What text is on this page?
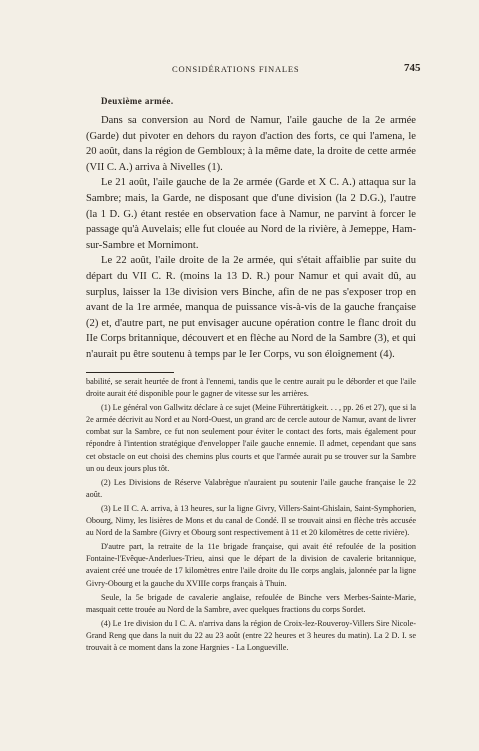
CONSIDÉRATIONS FINALES	745
Deuxième armée.

Dans sa conversion au Nord de Namur, l'aile gauche de la 2e armée (Garde) dut pivoter en dehors du rayon d'action des forts, ce qui l'amena, le 20 août, dans la région de Gembloux; à la même date, la droite de cette armée (VII C. A.) arriva à Nivelles (1).

Le 21 août, l'aile gauche de la 2e armée (Garde et X C. A.) attaqua sur la Sambre; mais, la Garde, ne disposant que d'une division (la 2 D.G.), l'autre (la 1 D. G.) étant restée en observation face à Namur, ne parvint à forcer le passage qu'à Auvelais; elle fut clouée au Nord de la rivière, à Jemeppe, Ham-sur-Sambre et Mornimont.

Le 22 août, l'aile droite de la 2e armée, qui s'était affaiblie par suite du départ du VII C. R. (moins la 13 D. R.) pour Namur et qui avait dû, au surplus, laisser la 13e division vers Binche, afin de ne pas s'exposer trop en avant de la 1re armée, manqua de puissance vis-à-vis de la gauche française (2) et, d'autre part, ne put envisager aucune opération contre le flanc droit du IIe Corps britannique, découvert et en flèche au Nord de la Sambre (3), et qui n'aurait pu être soutenu à temps par le Ier Corps, vu son éloignement (4).

babilité, se serait heurtée de front à l'ennemi, tandis que le centre aurait pu le déborder et que l'aile droite aurait été disponible pour le gagner de vitesse sur les arrières.

(1) Le général von Gallwitz déclare à ce sujet (Meine Führertätigkeit. . . , pp. 26 et 27), que si la 2e armée décrivit au Nord et au Nord-Ouest, un grand arc de cercle autour de Namur, avant de livrer combat sur la Sambre, ce fut non seulement pour éviter le contact des forts, mais également pour répondre à l'intention stratégique d'envelopper l'aile gauche ennemie. Il admet, cependant que sans cet obstacle on eut choisi des chemins plus courts et que l'armée aurait pu se trouver sur la Sambre un ou deux jours plus tôt.

(2) Les Divisions de Réserve Valabrègue n'auraient pu soutenir l'aile gauche française le 22 août.

(3) Le II C. A. arriva, à 13 heures, sur la ligne Givry, Villers-Saint-Ghislain, Saint-Symphorien, Obourg, Nimy, les lisières de Mons et du canal de Condé. Il se trouvait ainsi en flèche très accusée au Nord de la Sambre (Givry et Obourg sont respectivement à 11 et 20 kilomètres de cette rivière).

D'autre part, la retraite de la 11e brigade française, qui avait été refoulée de la position Fontaine-l'Evêque-Anderlues-Trieu, ainsi que le départ de la division de cavalerie britannique, avaient créé une trouée de 17 kilomètres entre l'aile droite du IIe corps anglais, jalonnée par la ligne Givry-Obourg et la gauche du XVIIIe corps français à Thuin.

Seule, la 5e brigade de cavalerie anglaise, refoulée de Binche vers Merbes-Sainte-Marie, masquait cette trouée au Nord de la Sambre, avec quelques fractions du corps Sordet.

(4) Le 1re division du I C. A. n'arriva dans la région de Croix-lez-Rouveroy-Villers Sire Nicole-Grand Reng que dans la nuit du 22 au 23 août (entre 22 heures et 3 heures du matin). La 2 D. I. se trouvait à ce moment dans la zone Hargnies - La Longueville.
